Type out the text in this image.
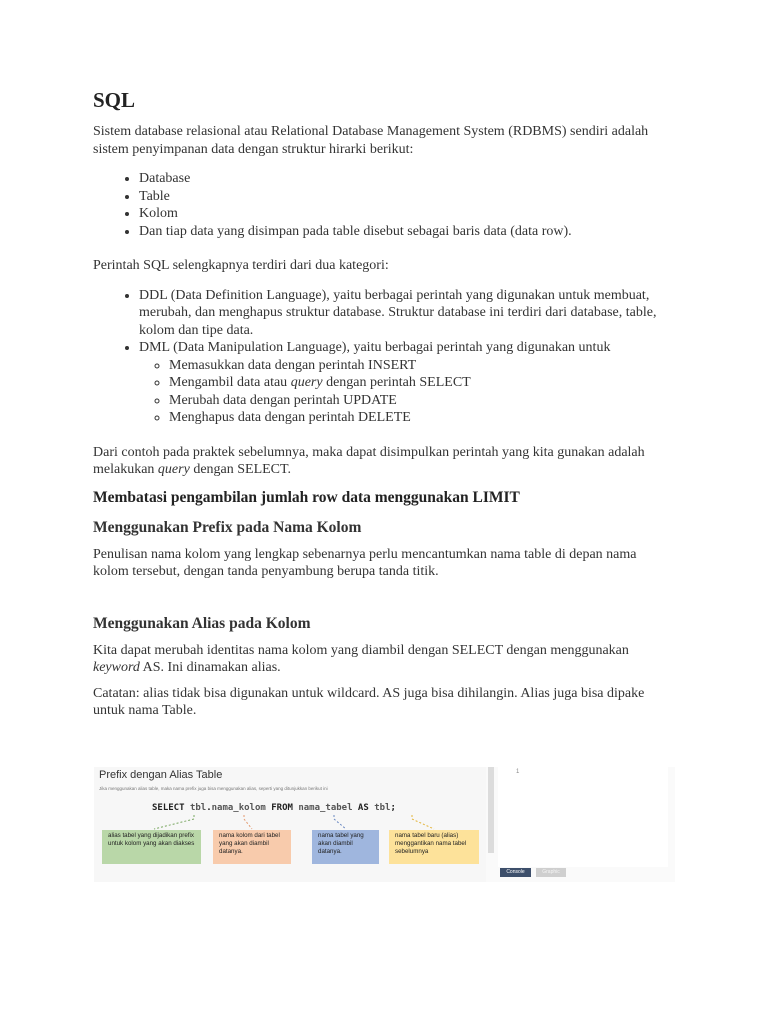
SQL

Sistem database relasional atau Relational Database Management System (RDBMS) sendiri adalah sistem penyimpanan data dengan struktur hirarki berikut:

• Database
• Table
• Kolom
• Dan tiap data yang disimpan pada table disebut sebagai baris data (data row).

Perintah SQL selengkapnya terdiri dari dua kategori:

• DDL (Data Definition Language), yaitu berbagai perintah yang digunakan untuk membuat, merubah, dan menghapus struktur database. Struktur database ini terdiri dari database, table, kolom dan tipe data.
• DML (Data Manipulation Language), yaitu berbagai perintah yang digunakan untuk
◦ Memasukkan data dengan perintah INSERT
◦ Mengambil data atau query dengan perintah SELECT
◦ Merubah data dengan perintah UPDATE
◦ Menghapus data dengan perintah DELETE

Dari contoh pada praktek sebelumnya, maka dapat disimpulkan perintah yang kita gunakan adalah melakukan query dengan SELECT.

Membatasi pengambilan jumlah row data menggunakan LIMIT
Menggunakan Prefix pada Nama Kolom

Penulisan nama kolom yang lengkap sebenarnya perlu mencantumkan nama table di depan nama kolom tersebut, dengan tanda penyambung berupa tanda titik.

Menggunakan Alias pada Kolom

Kita dapat merubah identitas nama kolom yang diambil dengan SELECT dengan menggunakan keyword AS. Ini dinamakan alias.

Catatan: alias tidak bisa digunakan untuk wildcard. AS juga bisa dihilangin. Alias juga bisa dipake untuk nama Table.

Prefix dengan Alias Table
Jika menggunakan alias table, maka nama prefix juga bisa menggunakan alias, seperti yang ditunjukkan berikut ini
SELECT tbl.nama_kolom FROM nama_tabel AS tbl;
alias tabel yang dijadikan prefix untuk kolom yang akan diakses
nama kolom dari tabel yang akan diambil datanya.
nama tabel yang akan diambil datanya.
nama tabel baru (alias) menggantikan nama tabel sebelumnya
1
Console	Graphic
